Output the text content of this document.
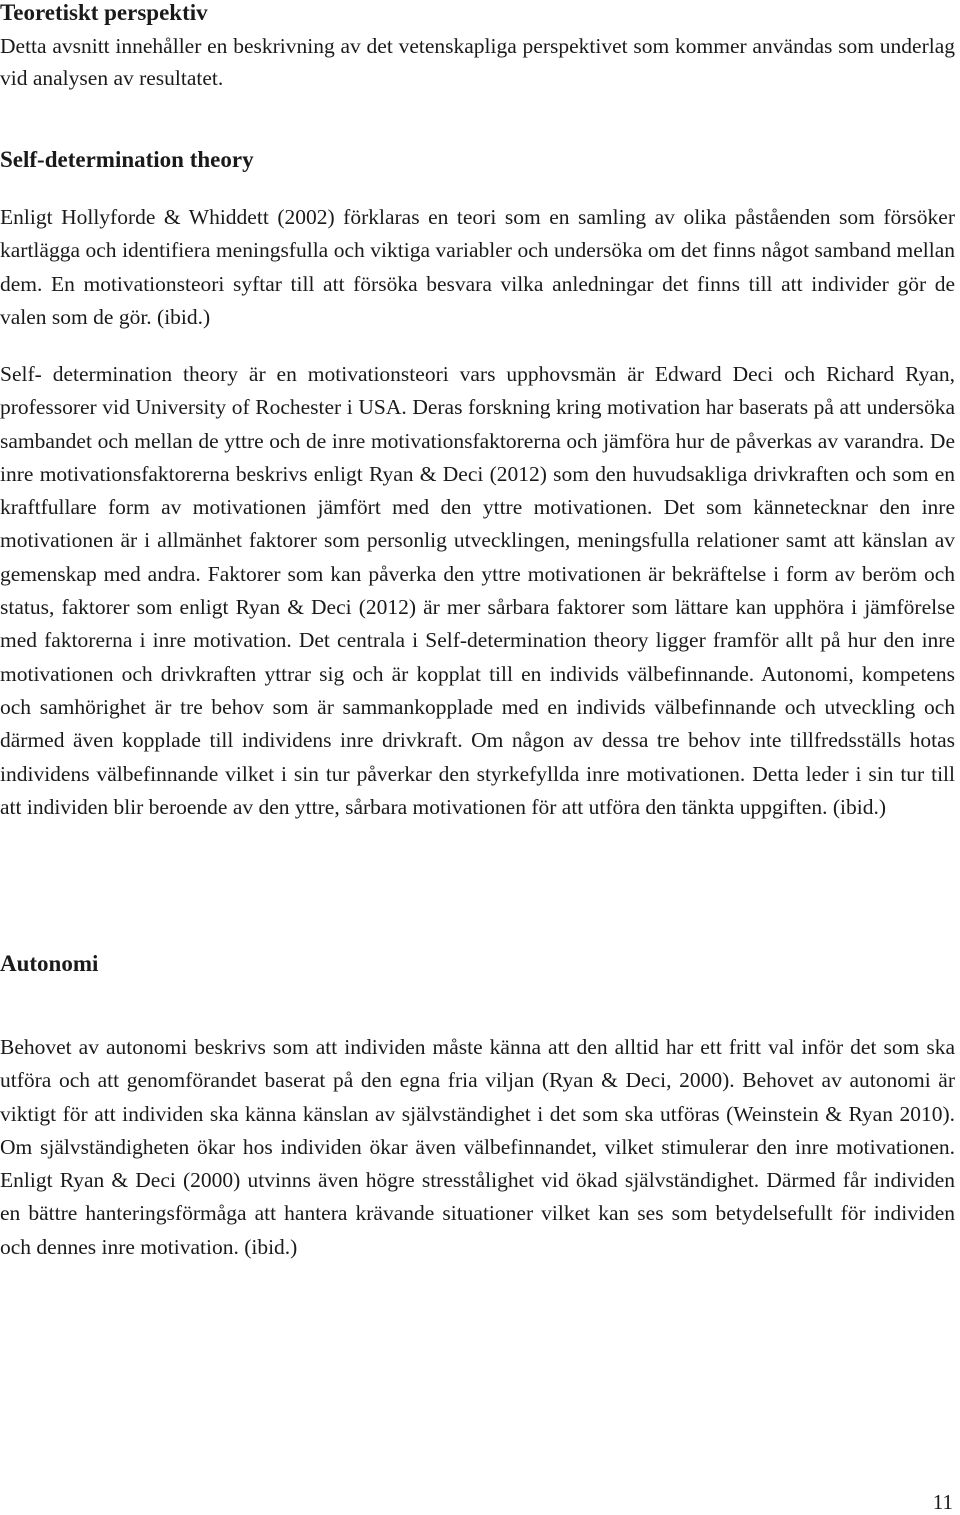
Teoretiskt perspektiv

Detta avsnitt innehåller en beskrivning av det vetenskapliga perspektivet som kommer användas som underlag vid analysen av resultatet.

Self-determination theory

Enligt Hollyforde & Whiddett (2002) förklaras en teori som en samling av olika påståenden som försöker kartlägga och identifiera meningsfulla och viktiga variabler och undersöka om det finns något samband mellan dem. En motivationsteori syftar till att försöka besvara vilka anledningar det finns till att individer gör de valen som de gör. (ibid.)

Self- determination theory är en motivationsteori vars upphovsmän är Edward Deci och Richard Ryan, professorer vid University of Rochester i USA. Deras forskning kring motivation har baserats på att undersöka sambandet och mellan de yttre och de inre motivationsfaktorerna och jämföra hur de påverkas av varandra. De inre motivationsfaktorerna beskrivs enligt Ryan & Deci (2012) som den huvudsakliga drivkraften och som en kraftfullare form av motivationen jämfört med den yttre motivationen. Det som kännetecknar den inre motivationen är i allmänhet faktorer som personlig utvecklingen, meningsfulla relationer samt att känslan av gemenskap med andra. Faktorer som kan påverka den yttre motivationen är bekräftelse i form av beröm och status, faktorer som enligt Ryan & Deci (2012) är mer sårbara faktorer som lättare kan upphöra i jämförelse med faktorerna i inre motivation. Det centrala i Self-determination theory ligger framför allt på hur den inre motivationen och drivkraften yttrar sig och är kopplat till en individs välbefinnande. Autonomi, kompetens och samhörighet är tre behov som är sammankopplade med en individs välbefinnande och utveckling och därmed även kopplade till individens inre drivkraft. Om någon av dessa tre behov inte tillfredsställs hotas individens välbefinnande vilket i sin tur påverkar den styrkefyllda inre motivationen. Detta leder i sin tur till att individen blir beroende av den yttre, sårbara motivationen för att utföra den tänkta uppgiften. (ibid.)

Autonomi

Behovet av autonomi beskrivs som att individen måste känna att den alltid har ett fritt val inför det som ska utföra och att genomförandet baserat på den egna fria viljan (Ryan & Deci, 2000). Behovet av autonomi är viktigt för att individen ska känna känslan av självständighet i det som ska utföras (Weinstein & Ryan 2010). Om självständigheten ökar hos individen ökar även välbefinnandet, vilket stimulerar den inre motivationen. Enligt Ryan & Deci (2000) utvinns även högre stresstålighet vid ökad självständighet. Därmed får individen en bättre hanteringsförmåga att hantera krävande situationer vilket kan ses som betydelsefullt för individen och dennes inre motivation. (ibid.)

11
